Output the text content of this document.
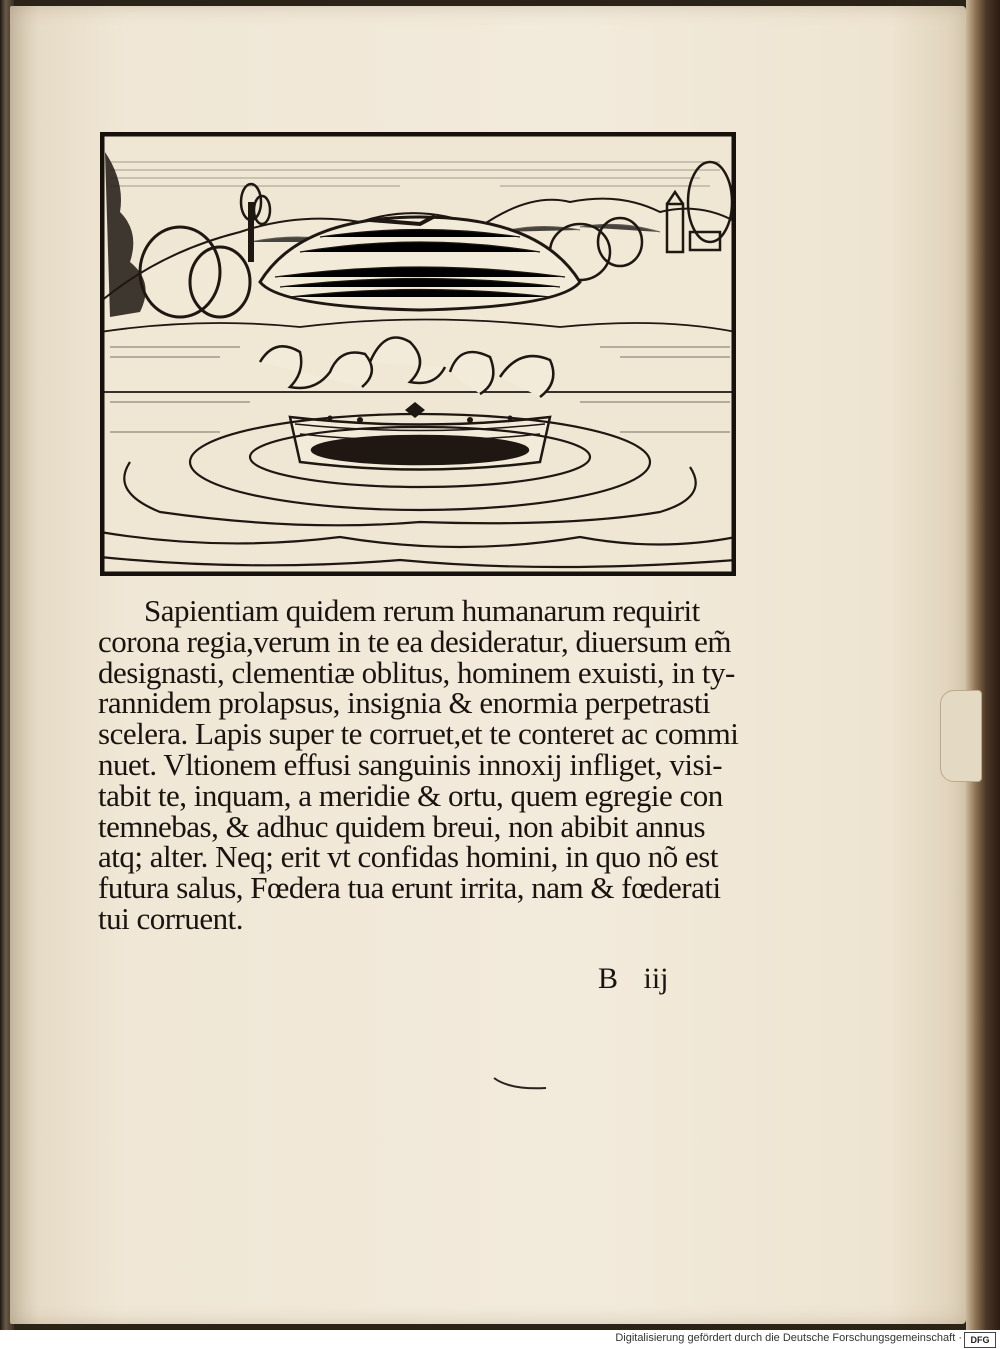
Sapientiam quidem rerum humanarum requirit
corona regia,verum in te ea desideratur, diuersum em̃
designasti, clementiæ oblitus, hominem exuisti, in ty-
rannidem prolapsus, insignia & enormia perpetrasti
scelera. Lapis super te corruet,et te conteret ac commi
nuet. Vltionem effusi sanguinis innoxij infliget, visi-
tabit te, inquam, a meridie & ortu, quem egregie con
temnebas, & adhuc quidem breui, non abibit annus
atq; alter. Neq; erit vt confidas homini, in quo nõ est
futura salus, Fœdera tua erunt irrita, nam & fœderati
tui corruent.
B iij
Digitalisierung gefördert durch die Deutsche Forschungsgemeinschaft · DFG
